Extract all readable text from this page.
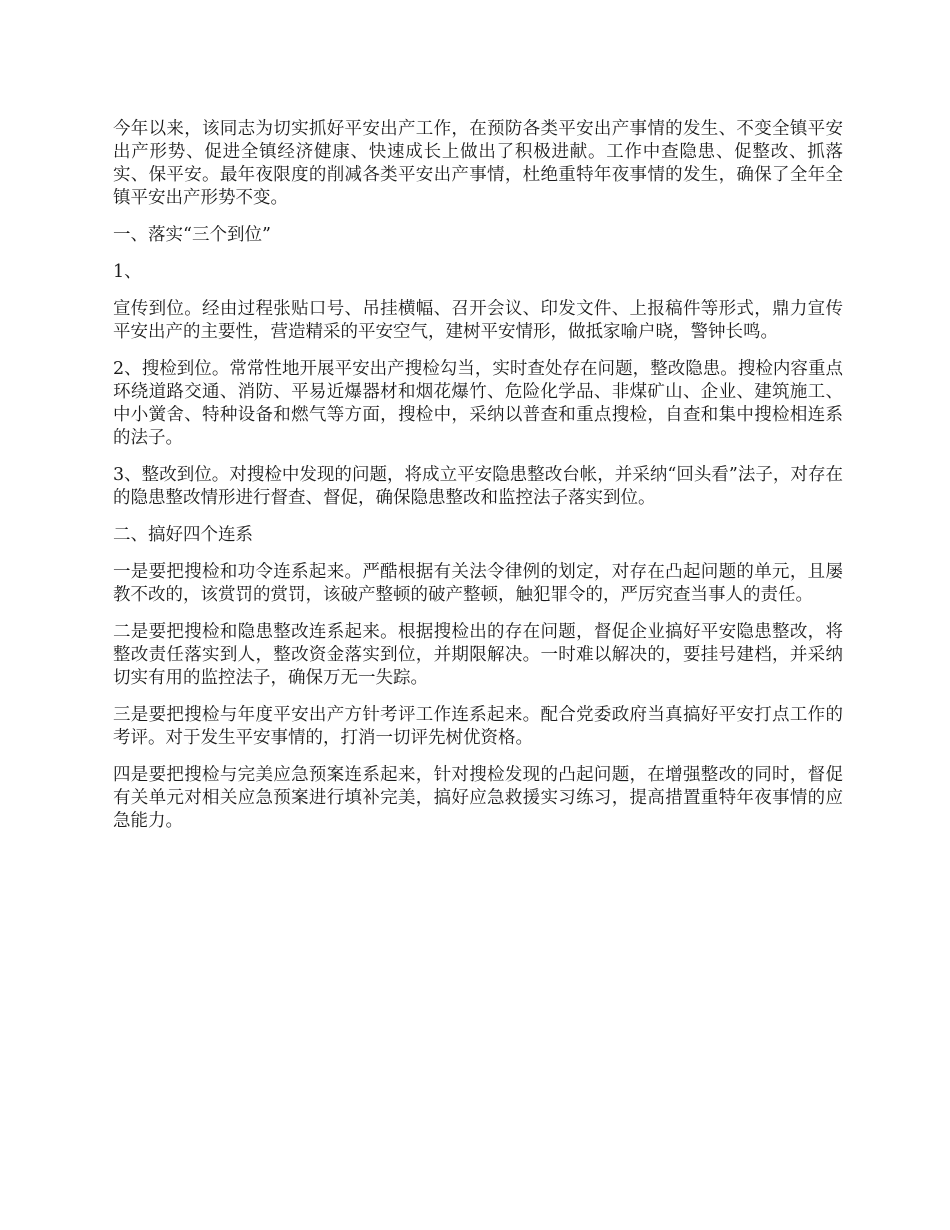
今年以来，该同志为切实抓好平安出产工作，在预防各类平安出产事情的发生、不变全镇平安出产形势、促进全镇经济健康、快速成长上做出了积极进献。工作中查隐患、促整改、抓落实、保平安。最年夜限度的削减各类平安出产事情，杜绝重特年夜事情的发生，确保了全年全镇平安出产形势不变。

一、落实“三个到位”

1、

宣传到位。经由过程张贴口号、吊挂横幅、召开会议、印发文件、上报稿件等形式，鼎力宣传平安出产的主要性，营造精采的平安空气，建树平安情形，做抵家喻户晓，警钟长鸣。

2、搜检到位。常常性地开展平安出产搜检勾当，实时查处存在问题，整改隐患。搜检内容重点环绕道路交通、消防、平易近爆器材和烟花爆竹、危险化学品、非煤矿山、企业、建筑施工、中小黉舍、特种设备和燃气等方面，搜检中，采纳以普查和重点搜检，自查和集中搜检相连系的法子。

3、整改到位。对搜检中发现的问题，将成立平安隐患整改台帐，并采纳“回头看”法子，对存在的隐患整改情形进行督查、督促，确保隐患整改和监控法子落实到位。

二、搞好四个连系

一是要把搜检和功令连系起来。严酷根据有关法令律例的划定，对存在凸起问题的单元，且屡教不改的，该赏罚的赏罚，该破产整顿的破产整顿，触犯罪令的，严厉究查当事人的责任。

二是要把搜检和隐患整改连系起来。根据搜检出的存在问题，督促企业搞好平安隐患整改，将整改责任落实到人，整改资金落实到位，并期限解决。一时难以解决的，要挂号建档，并采纳切实有用的监控法子，确保万无一失踪。

三是要把搜检与年度平安出产方针考评工作连系起来。配合党委政府当真搞好平安打点工作的考评。对于发生平安事情的，打消一切评先树优资格。

四是要把搜检与完美应急预案连系起来，针对搜检发现的凸起问题，在增强整改的同时，督促有关单元对相关应急预案进行填补完美，搞好应急救援实习练习，提高措置重特年夜事情的应急能力。
